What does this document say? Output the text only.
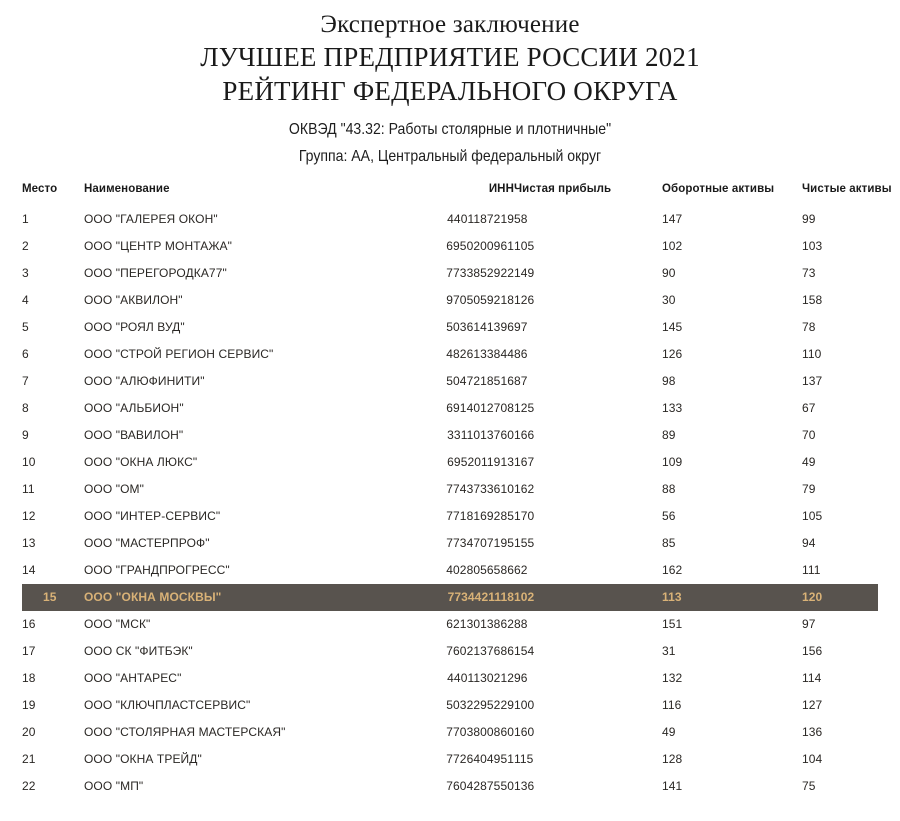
Экспертное заключение
ЛУЧШЕЕ ПРЕДПРИЯТИЕ РОССИИ 2021
РЕЙТИНГ ФЕДЕРАЛЬНОГО ОКРУГА
ОКВЭД "43.32: Работы столярные и плотничные"
Группа: АА, Центральный федеральный округ
Место	Наименование	ИНН	Чистая прибыль	Оборотные активы	Чистые активы
1	ООО "ГАЛЕРЕЯ ОКОН"	4401187219	58	147	99
2	ООО "ЦЕНТР МОНТАЖА"	6950200961	105	102	103
3	ООО "ПЕРЕГОРОДКА77"	7733852922	149	90	73
4	ООО "АКВИЛОН"	9705059218	126	30	158
5	ООО "РОЯЛ ВУД"	5036141396	97	145	78
6	ООО "СТРОЙ РЕГИОН СЕРВИС"	4826133844	86	126	110
7	ООО "АЛЮФИНИТИ"	5047218516	87	98	137
8	ООО "АЛЬБИОН"	6914012708	125	133	67
9	ООО "ВАВИЛОН"	3311013760	166	89	70
10	ООО "ОКНА ЛЮКС"	6952011913	167	109	49
11	ООО "ОМ"	7743733610	162	88	79
12	ООО "ИНТЕР-СЕРВИС"	7718169285	170	56	105
13	ООО "МАСТЕРПРОФ"	7734707195	155	85	94
14	ООО "ГРАНДПРОГРЕСС"	4028056586	62	162	111
15	ООО "ОКНА МОСКВЫ"	7734421118	102	113	120
16	ООО "МСК"	6213013862	88	151	97
17	ООО СК "ФИТБЭК"	7602137686	154	31	156
18	ООО "АНТАРЕС"	4401130212	96	132	114
19	ООО "КЛЮЧПЛАСТСЕРВИС"	5032295229	100	116	127
20	ООО "СТОЛЯРНАЯ МАСТЕРСКАЯ"	7703800860	160	49	136
21	ООО "ОКНА ТРЕЙД"	7726404951	115	128	104
22	ООО "МП"	7604287550	136	141	75
